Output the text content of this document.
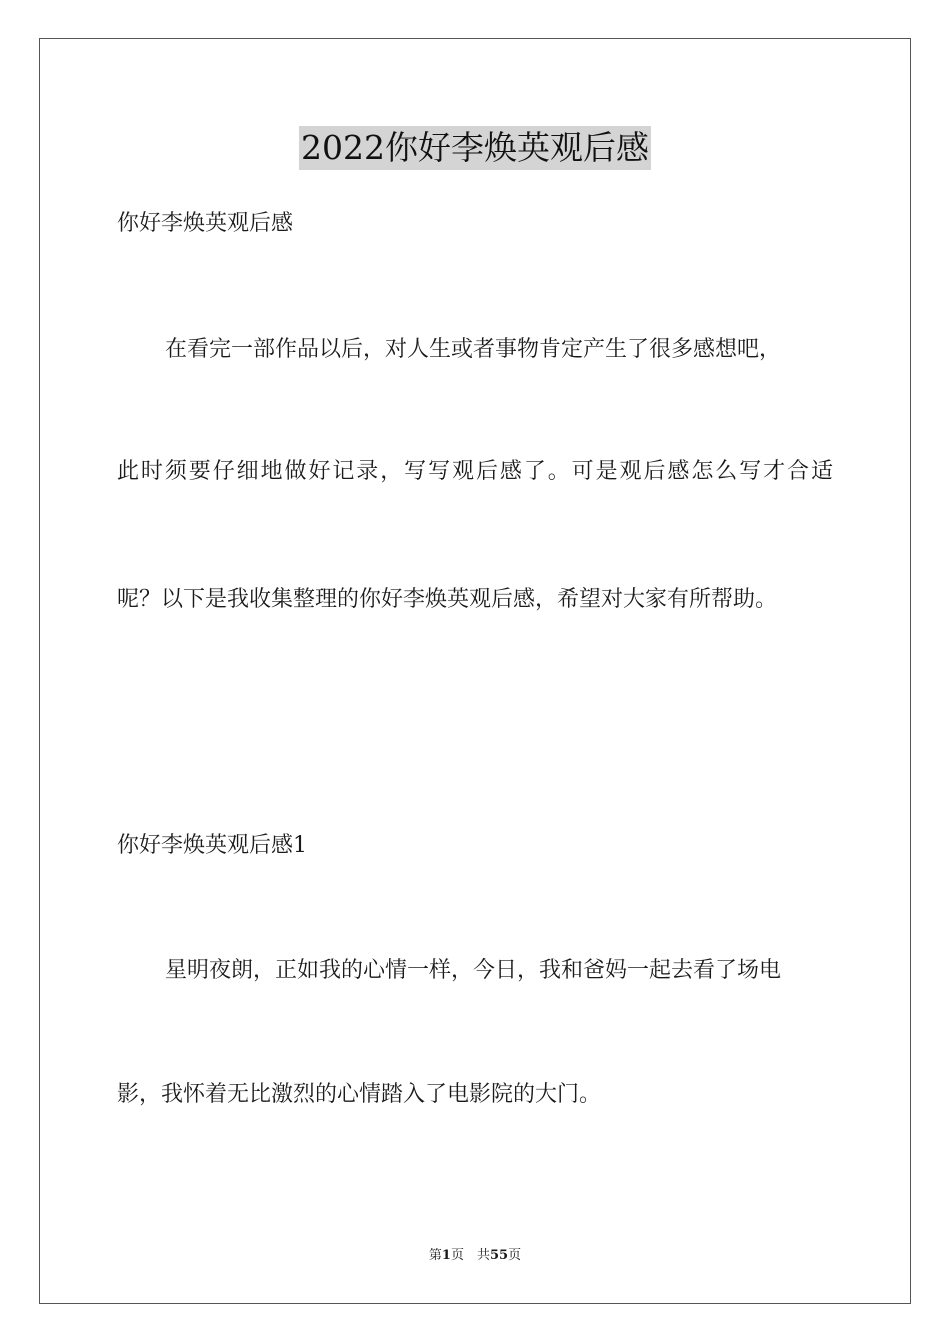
2022你好李焕英观后感
你好李焕英观后感
在看完一部作品以后，对人生或者事物肯定产生了很多感想吧，
此时须要仔细地做好记录，写写观后感了。可是观后感怎么写才合适
呢？以下是我收集整理的你好李焕英观后感，希望对大家有所帮助。
你好李焕英观后感1
星明夜朗，正如我的心情一样，今日，我和爸妈一起去看了场电
影，我怀着无比激烈的心情踏入了电影院的大门。
第1页　共55页
